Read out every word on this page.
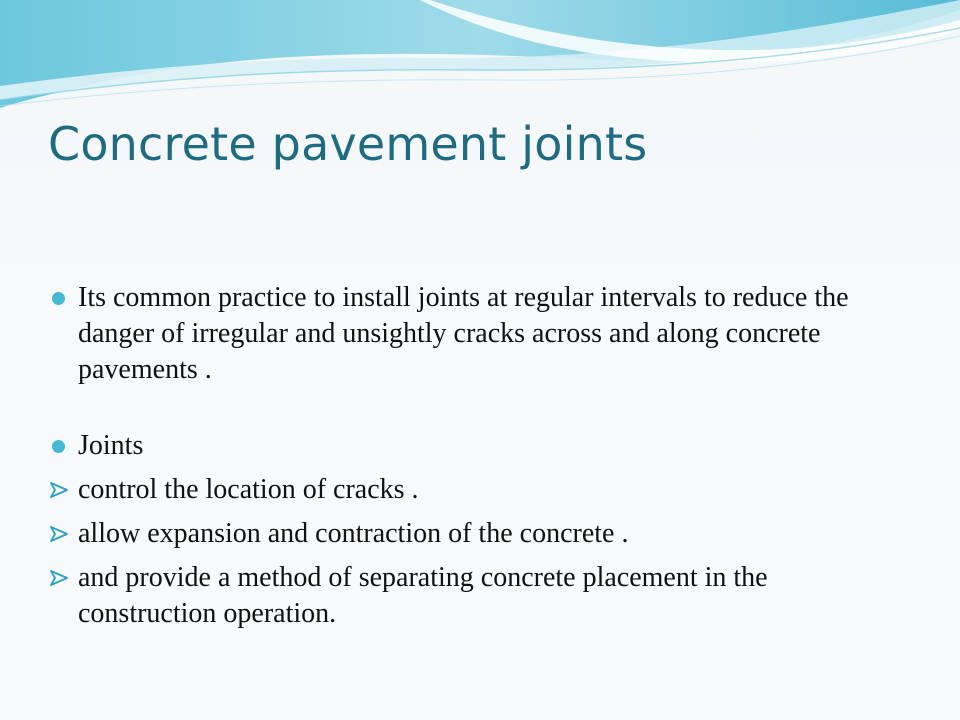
Concrete pavement joints
Its common practice to install joints at regular intervals to reduce the danger of irregular and unsightly cracks across and along concrete pavements .
Joints
control the location of cracks .
allow expansion and contraction of the concrete .
and provide a method of separating concrete placement in the construction operation.
